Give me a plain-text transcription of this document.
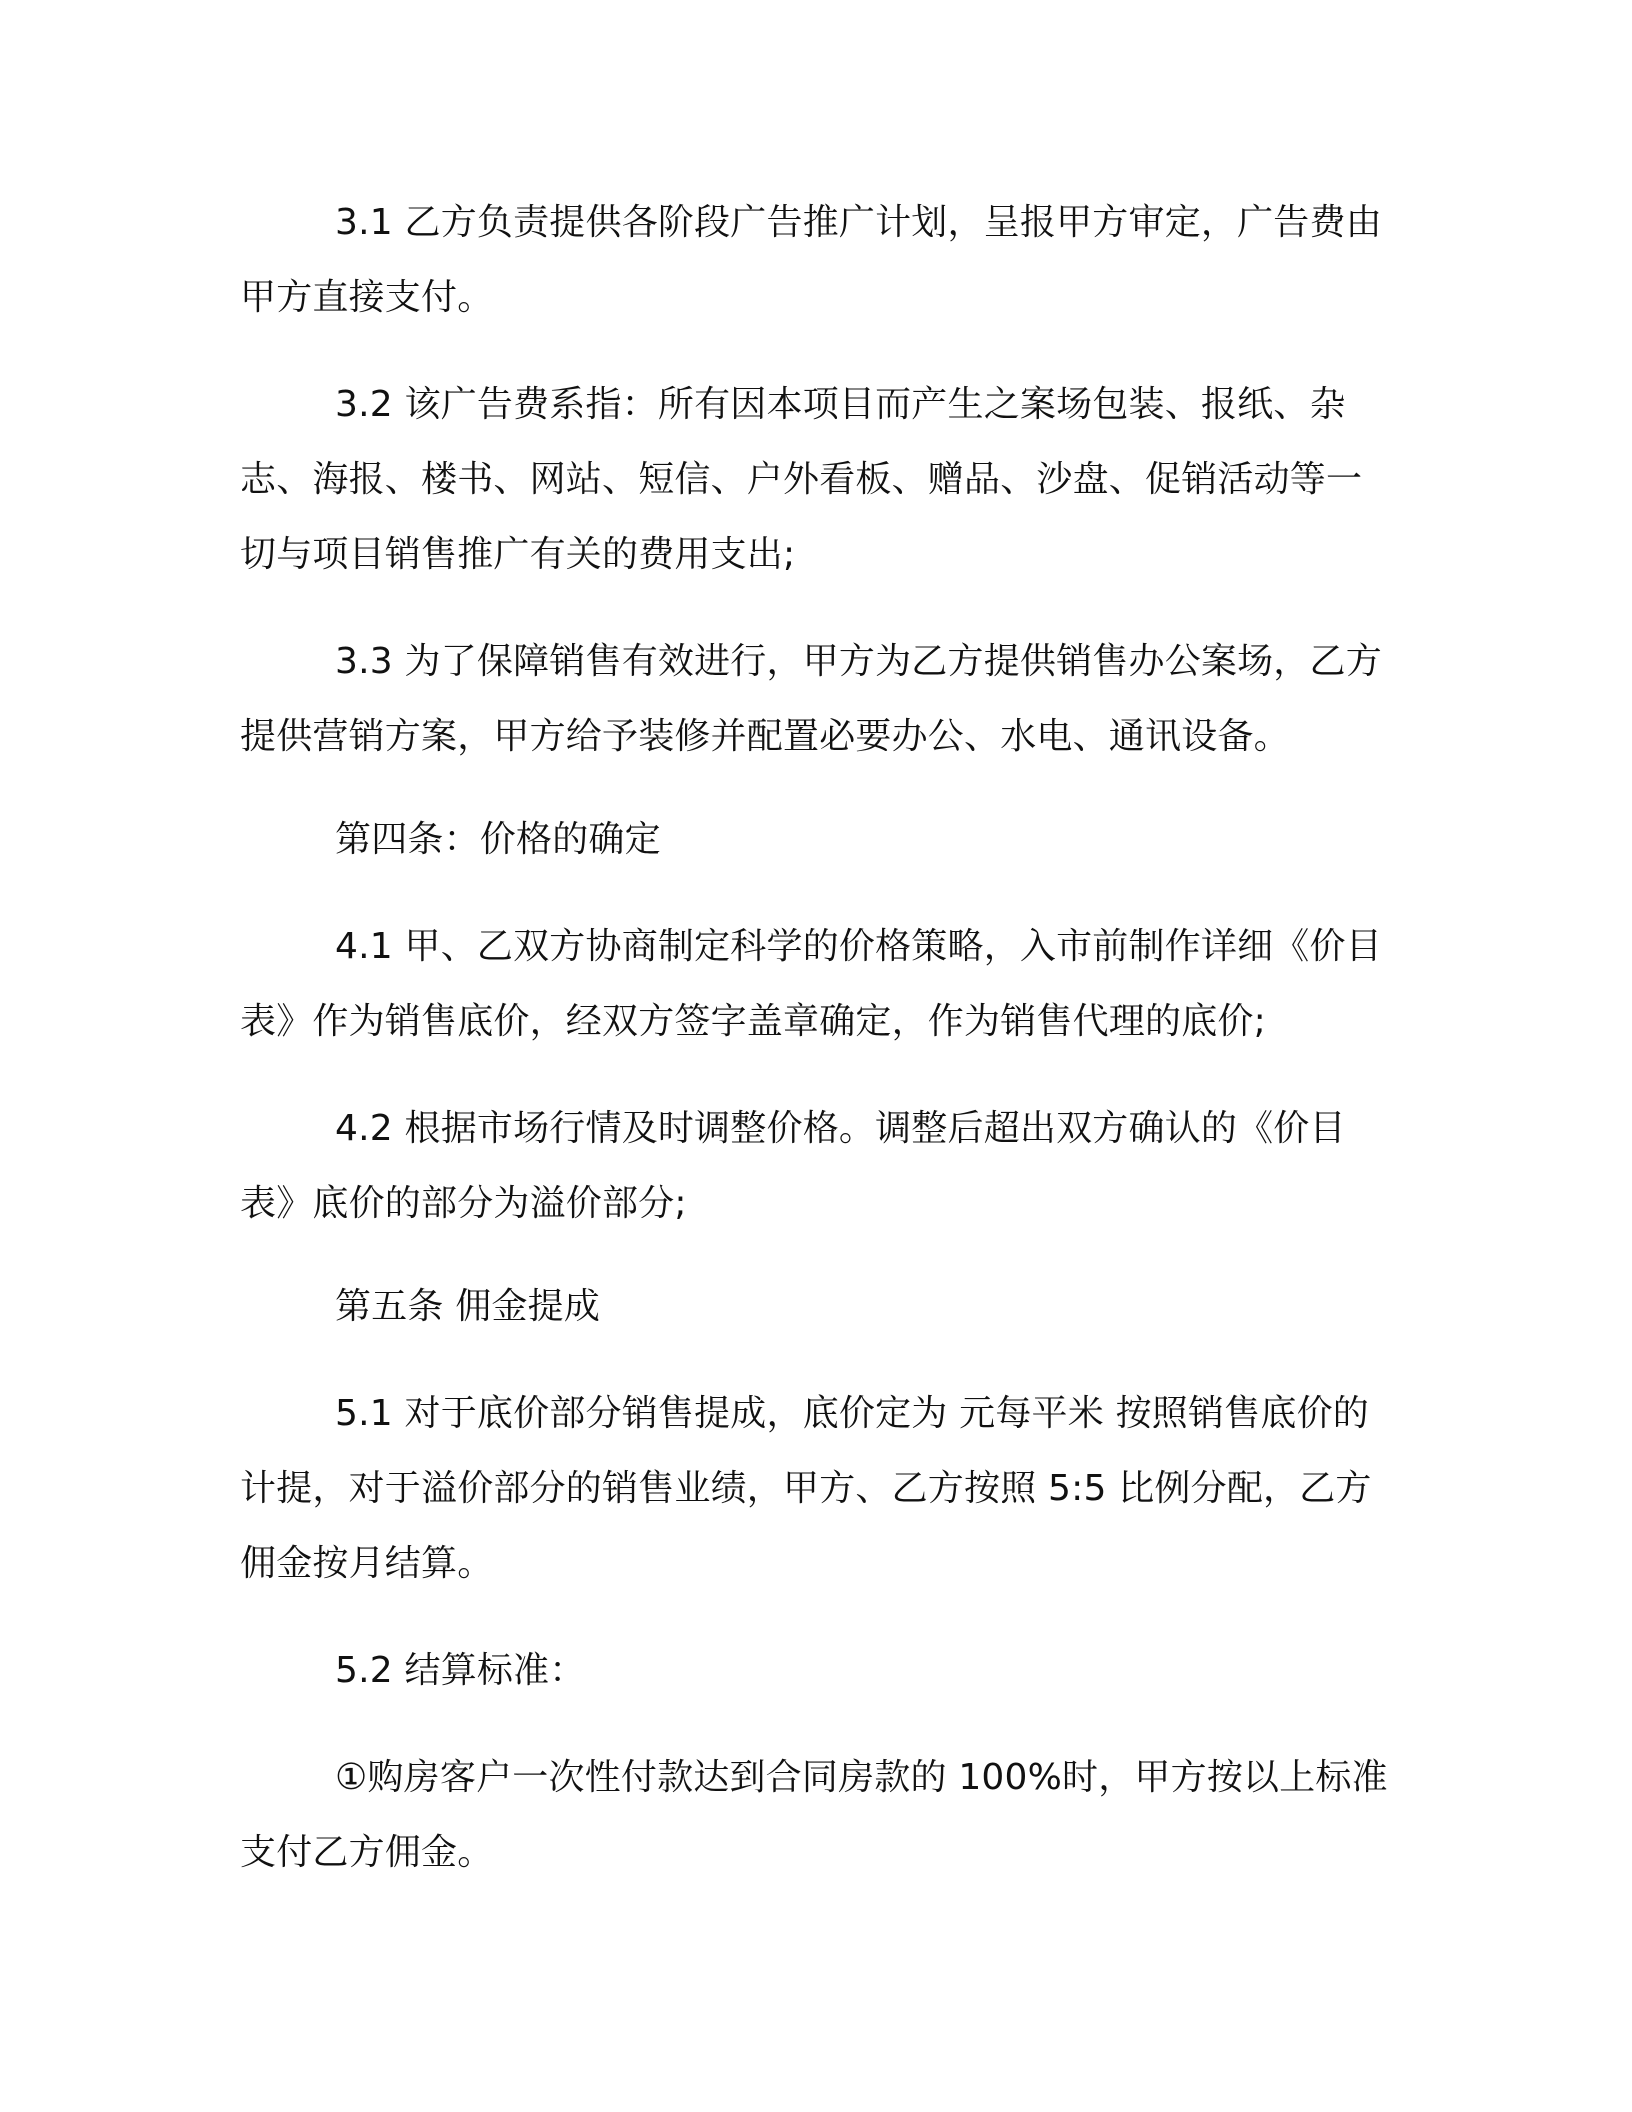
3.1 乙方负责提供各阶段广告推广计划，呈报甲方审定，广告费由甲方直接支付。

3.2 该广告费系指：所有因本项目而产生之案场包装、报纸、杂志、海报、楼书、网站、短信、户外看板、赠品、沙盘、促销活动等一切与项目销售推广有关的费用支出;

3.3 为了保障销售有效进行，甲方为乙方提供销售办公案场，乙方提供营销方案，甲方给予装修并配置必要办公、水电、通讯设备。

第四条：价格的确定

4.1 甲、乙双方协商制定科学的价格策略，入市前制作详细《价目表》作为销售底价，经双方签字盖章确定，作为销售代理的底价;

4.2 根据市场行情及时调整价格。调整后超出双方确认的《价目表》底价的部分为溢价部分;

第五条 佣金提成

5.1 对于底价部分销售提成，底价定为 元每平米 按照销售底价的计提，对于溢价部分的销售业绩，甲方、乙方按照 5:5 比例分配，乙方佣金按月结算。

5.2 结算标准：

①购房客户一次性付款达到合同房款的 100%时，甲方按以上标准支付乙方佣金。
